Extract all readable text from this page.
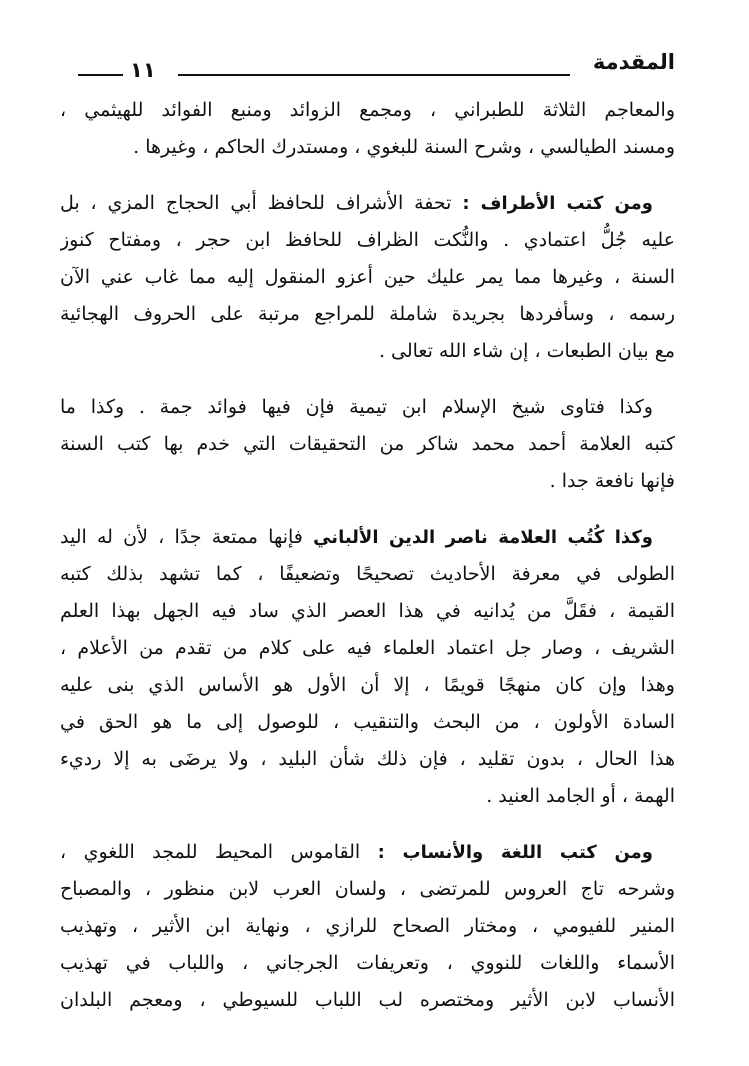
المقدمة
١١

والمعاجم الثلاثة للطبراني ، ومجمع الزوائد ومنبع الفوائد للهيثمي ،
ومسند الطيالسي ، وشرح السنة للبغوي ، ومستدرك الحاكم ، وغيرها .

ومن كتب الأطراف : تحفة الأشراف للحافظ أبي الحجاج المزي ، بل
عليه جُلُّ اعتمادي . والنُّكت الظراف للحافظ ابن حجر ، ومفتاح كنوز
السنة ، وغيرها مما يمر عليك حين أعزو المنقول إليه مما غاب عني الآن
رسمه ، وسأفردها بجريدة شاملة للمراجع مرتبة على الحروف الهجائية
مع بيان الطبعات ، إن شاء الله تعالى .

وكذا فتاوى شيخ الإسلام ابن تيمية فإن فيها فوائد جمة . وكذا ما
كتبه العلامة أحمد محمد شاكر من التحقيقات التي خدم بها كتب السنة
فإنها نافعة جدا .

وكذا كُتُب العلامة ناصر الدين الألباني فإنها ممتعة جدًا ، لأن له اليد
الطولى في معرفة الأحاديث تصحيحًا وتضعيفًا ، كما تشهد بذلك كتبه
القيمة ، فقَلَّ من يُدانيه في هذا العصر الذي ساد فيه الجهل بهذا العلم
الشريف ، وصار جل اعتماد العلماء فيه على كلام من تقدم من الأعلام ،
وهذا وإن كان منهجًا قويمًا ، إلا أن الأول هو الأساس الذي بنى عليه
السادة الأولون ، من البحث والتنقيب ، للوصول إلى ما هو الحق في
هذا الحال ، بدون تقليد ، فإن ذلك شأن البليد ، ولا يرضَى به إلا رديء
الهمة ، أو الجامد العنيد .

ومن كتب اللغة والأنساب : القاموس المحيط للمجد اللغوي ،
وشرحه تاج العروس للمرتضى ، ولسان العرب لابن منظور ، والمصباح
المنير للفيومي ، ومختار الصحاح للرازي ، ونهاية ابن الأثير ، وتهذيب
الأسماء واللغات للنووي ، وتعريفات الجرجاني ، واللباب في تهذيب
الأنساب لابن الأثير ومختصره لب اللباب للسيوطي ، ومعجم البلدان
